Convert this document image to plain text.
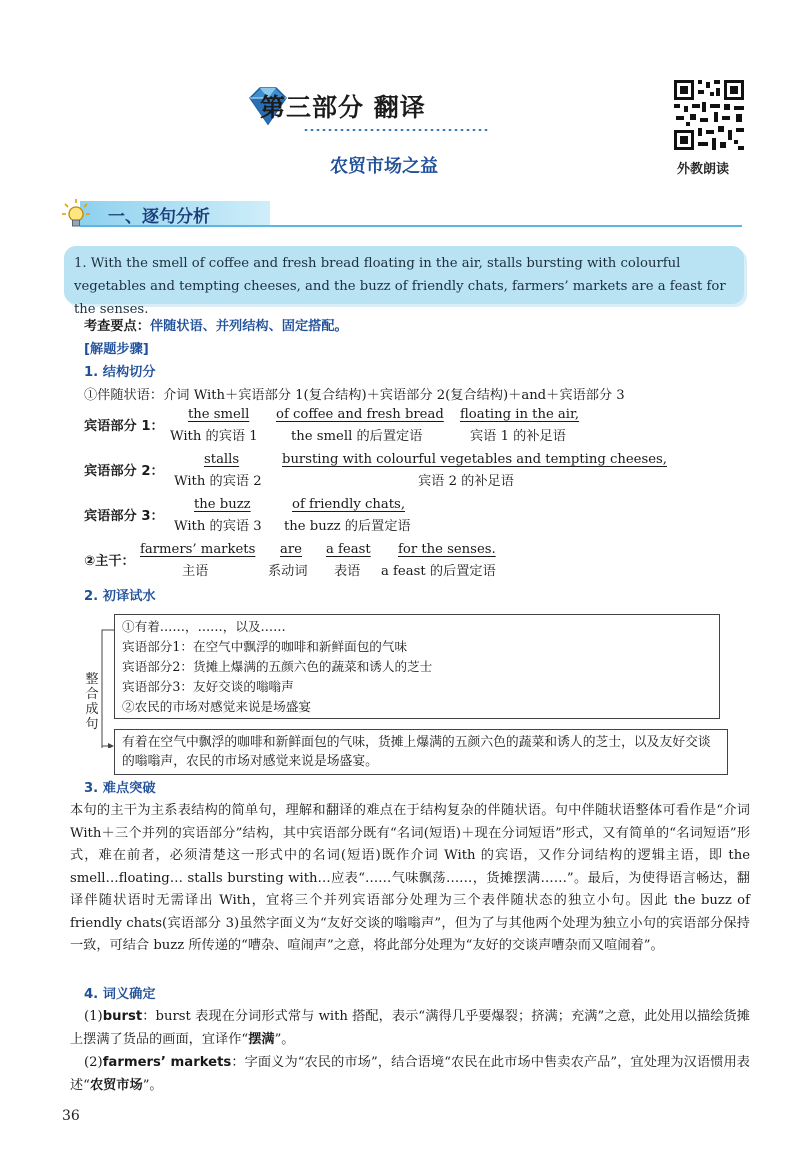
第三部分 翻译
农贸市场之益	外教朗读
一、逐句分析
1. With the smell of coffee and fresh bread floating in the air, stalls bursting with colourful vegetables and tempting cheeses, and the buzz of friendly chats, farmers’ markets are a feast for the senses.
考查要点：伴随状语、并列结构、固定搭配。
[解题步骤]
1. 结构切分
①伴随状语：介词 With＋宾语部分 1(复合结构)＋宾语部分 2(复合结构)＋and＋宾语部分 3
宾语部分 1：
the smell
With 的宾语 1
of coffee and fresh bread
the smell 的后置定语
floating in the air,
宾语 1 的补足语
宾语部分 2：
stalls
With 的宾语 2
bursting with colourful vegetables and tempting cheeses,
宾语 2 的补足语
宾语部分 3：
the buzz
With 的宾语 3
of friendly chats,
the buzz 的后置定语
②主干：
farmers’ markets
主语
are
系动词
a feast
表语
for the senses.
a feast 的后置定语
2. 初译试水
①有着……，……，以及……
宾语部分1：在空气中飘浮的咖啡和新鲜面包的气味
宾语部分2：货摊上爆满的五颜六色的蔬菜和诱人的芝士
宾语部分3：友好交谈的嗡嗡声
②农民的市场对感觉来说是场盛宴
整合成句
有着在空气中飘浮的咖啡和新鲜面包的气味，货摊上爆满的五颜六色的蔬菜和诱人的芝士，以及友好交谈的嗡嗡声，农民的市场对感觉来说是场盛宴。
3. 难点突破
本句的主干为主系表结构的简单句，理解和翻译的难点在于结构复杂的伴随状语。句中伴随状语整体可看作是“介词 With＋三个并列的宾语部分”结构，其中宾语部分既有“名词(短语)＋现在分词短语”形式，又有简单的“名词短语”形式，难在前者，必须清楚这一形式中的名词(短语)既作介词 With 的宾语，又作分词结构的逻辑主语，即 the smell…floating… stalls bursting with…应表“……气味飘荡……，货摊摆满……”。最后，为使得语言畅达，翻译伴随状语时无需译出 With，宜将三个并列宾语部分处理为三个表伴随状态的独立小句。因此 the buzz of friendly chats(宾语部分 3)虽然字面义为“友好交谈的嗡嗡声”，但为了与其他两个处理为独立小句的宾语部分保持一致，可结合 buzz 所传递的“嘈杂、喧闹声”之意，将此部分处理为“友好的交谈声嘈杂而又喧闹着”。
4. 词义确定
(1)burst：burst 表现在分词形式常与 with 搭配，表示“满得几乎要爆裂；挤满；充满”之意，此处用以描绘货摊上摆满了货品的画面，宜译作“摆满”。
(2)farmers’ markets：字面义为“农民的市场”，结合语境“农民在此市场中售卖农产品”，宜处理为汉语惯用表述“农贸市场”。
36
